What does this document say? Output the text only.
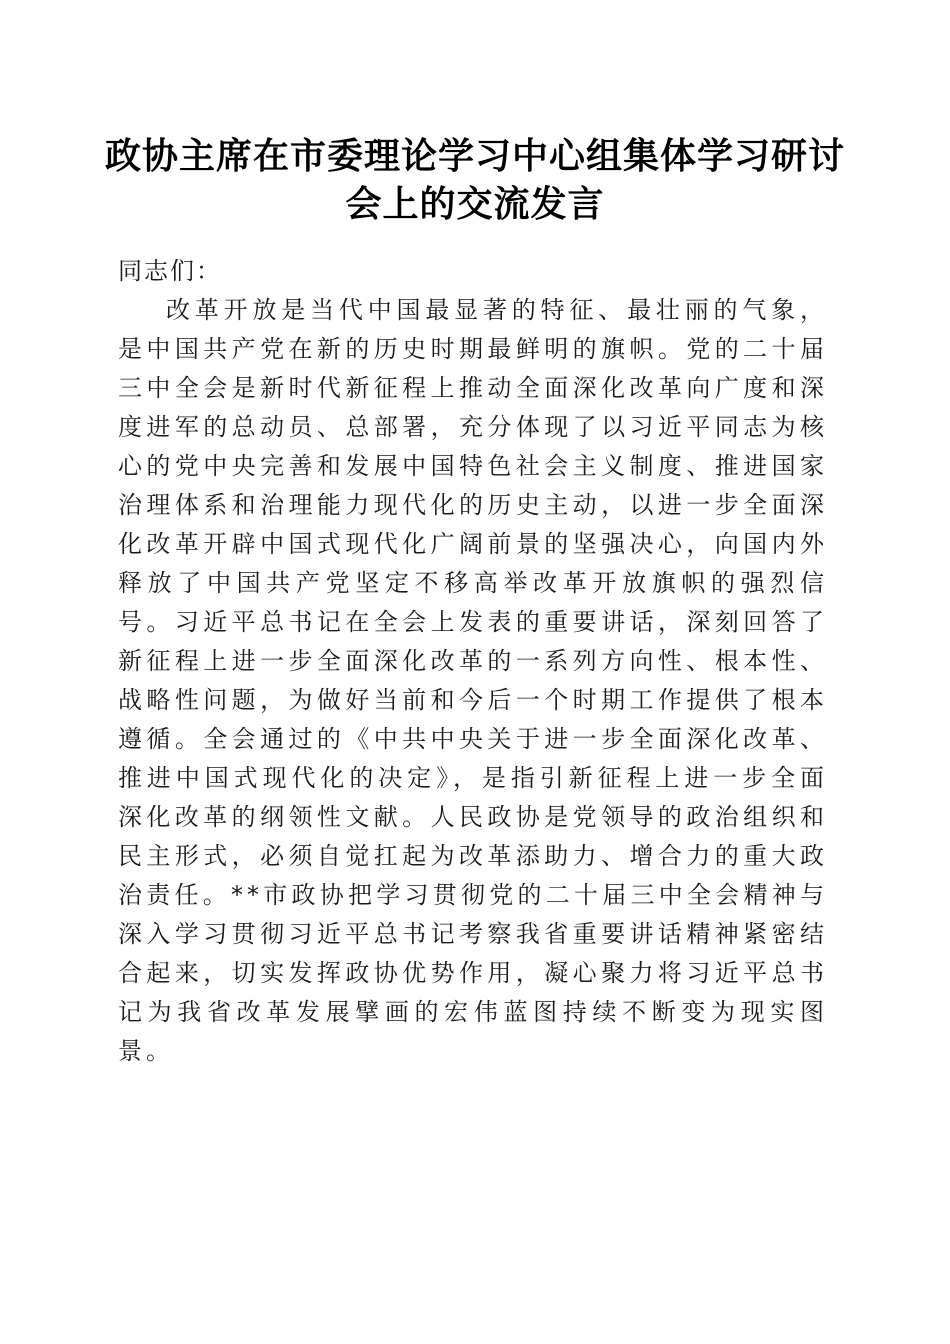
政协主席在市委理论学习中心组集体学习研讨会上的交流发言

同志们：

改革开放是当代中国最显著的特征、最壮丽的气象，是中国共产党在新的历史时期最鲜明的旗帜。党的二十届三中全会是新时代新征程上推动全面深化改革向广度和深度进军的总动员、总部署，充分体现了以习近平同志为核心的党中央完善和发展中国特色社会主义制度、推进国家治理体系和治理能力现代化的历史主动，以进一步全面深化改革开辟中国式现代化广阔前景的坚强决心，向国内外释放了中国共产党坚定不移高举改革开放旗帜的强烈信号。习近平总书记在全会上发表的重要讲话，深刻回答了新征程上进一步全面深化改革的一系列方向性、根本性、战略性问题，为做好当前和今后一个时期工作提供了根本遵循。全会通过的《中共中央关于进一步全面深化改革、推进中国式现代化的决定》，是指引新征程上进一步全面深化改革的纲领性文献。人民政协是党领导的政治组织和民主形式，必须自觉扛起为改革添助力、增合力的重大政治责任。**市政协把学习贯彻党的二十届三中全会精神与深入学习贯彻习近平总书记考察我省重要讲话精神紧密结合起来，切实发挥政协优势作用，凝心聚力将习近平总书记为我省改革发展擘画的宏伟蓝图持续不断变为现实图景。
